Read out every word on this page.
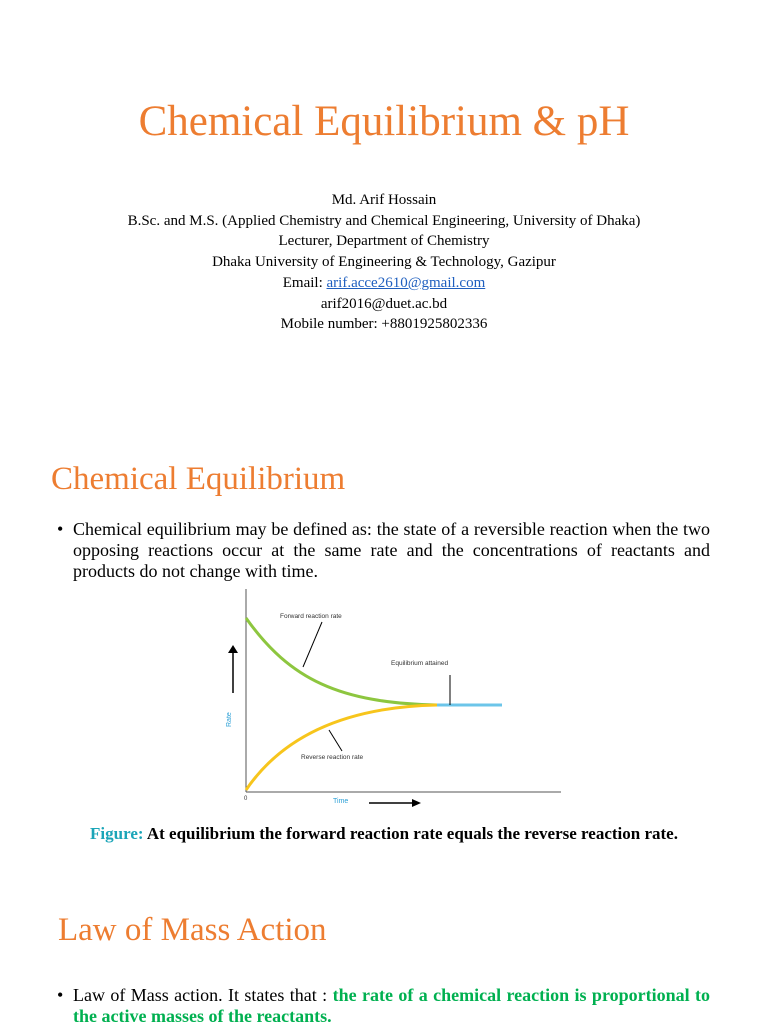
Chemical Equilibrium & pH
Md. Arif Hossain
B.Sc. and M.S. (Applied Chemistry and Chemical Engineering, University of Dhaka)
Lecturer, Department of Chemistry
Dhaka University of Engineering & Technology, Gazipur
Email: arif.acce2610@gmail.com
arif2016@duet.ac.bd
Mobile number: +8801925802336
Chemical Equilibrium
• Chemical equilibrium may be defined as: the state of a reversible reaction when the two opposing reactions occur at the same rate and the concentrations of reactants and products do not change with time.
Forward reaction rate
Equilibrium attained
Reverse reaction rate
Time
Rate
0
Figure: At equilibrium the forward reaction rate equals the reverse reaction rate.
Law of Mass Action
• Law of Mass action. It states that : the rate of a chemical reaction is proportional to the active masses of the reactants.
